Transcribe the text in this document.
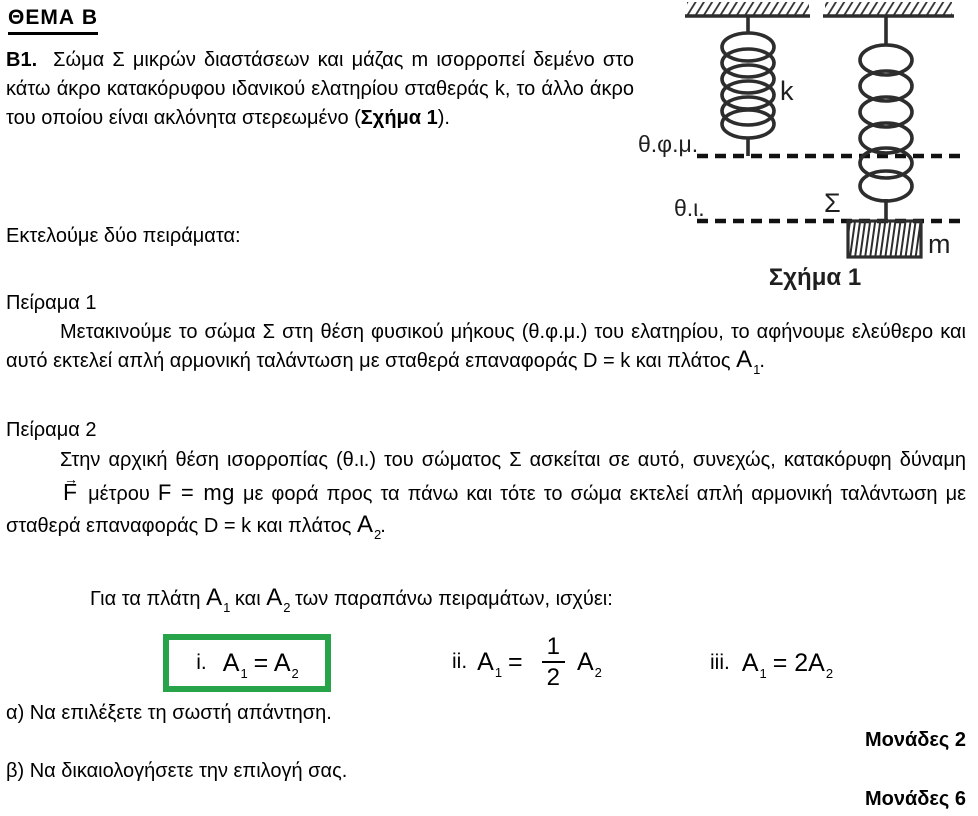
ΘΕΜΑ Β

Β1. Σώμα Σ μικρών διαστάσεων και μάζας m ισορροπεί δεμένο στο κάτω άκρο κατακόρυφου ιδανικού ελατηρίου σταθεράς k, το άλλο άκρο του οποίου είναι ακλόνητα στερεωμένο (Σχήμα 1).

θ.φ.μ.
θ.ι.
k
Σ
m
Σχήμα 1

Εκτελούμε δύο πειράματα:

Πείραμα 1

Μετακινούμε το σώμα Σ στη θέση φυσικού μήκους (θ.φ.μ.) του ελατηρίου, το αφήνουμε ελεύθερο και αυτό εκτελεί απλή αρμονική ταλάντωση με σταθερά επαναφοράς D = k και πλάτος $A_1$.

Πείραμα 2

Στην αρχική θέση ισορροπίας (θ.ι.) του σώματος Σ ασκείται σε αυτό, συνεχώς, κατακόρυφη δύναμη → F μέτρου F = mg με φορά προς τα πάνω και τότε το σώμα εκτελεί απλή αρμονική ταλάντωση με σταθερά επαναφοράς D = k και πλάτος $A_2$.

Για τα πλάτη $A_1$ και $A_2$ των παραπάνω πειραμάτων, ισχύει:

i. $A_1 = A_2$	ii. $A_1 = \frac{1}{2} A_2$	iii. $A_1 = 2A_2$

α) Να επιλέξετε τη σωστή απάντηση.

Μονάδες 2

β) Να δικαιολογήσετε την επιλογή σας.

Μονάδες 6
